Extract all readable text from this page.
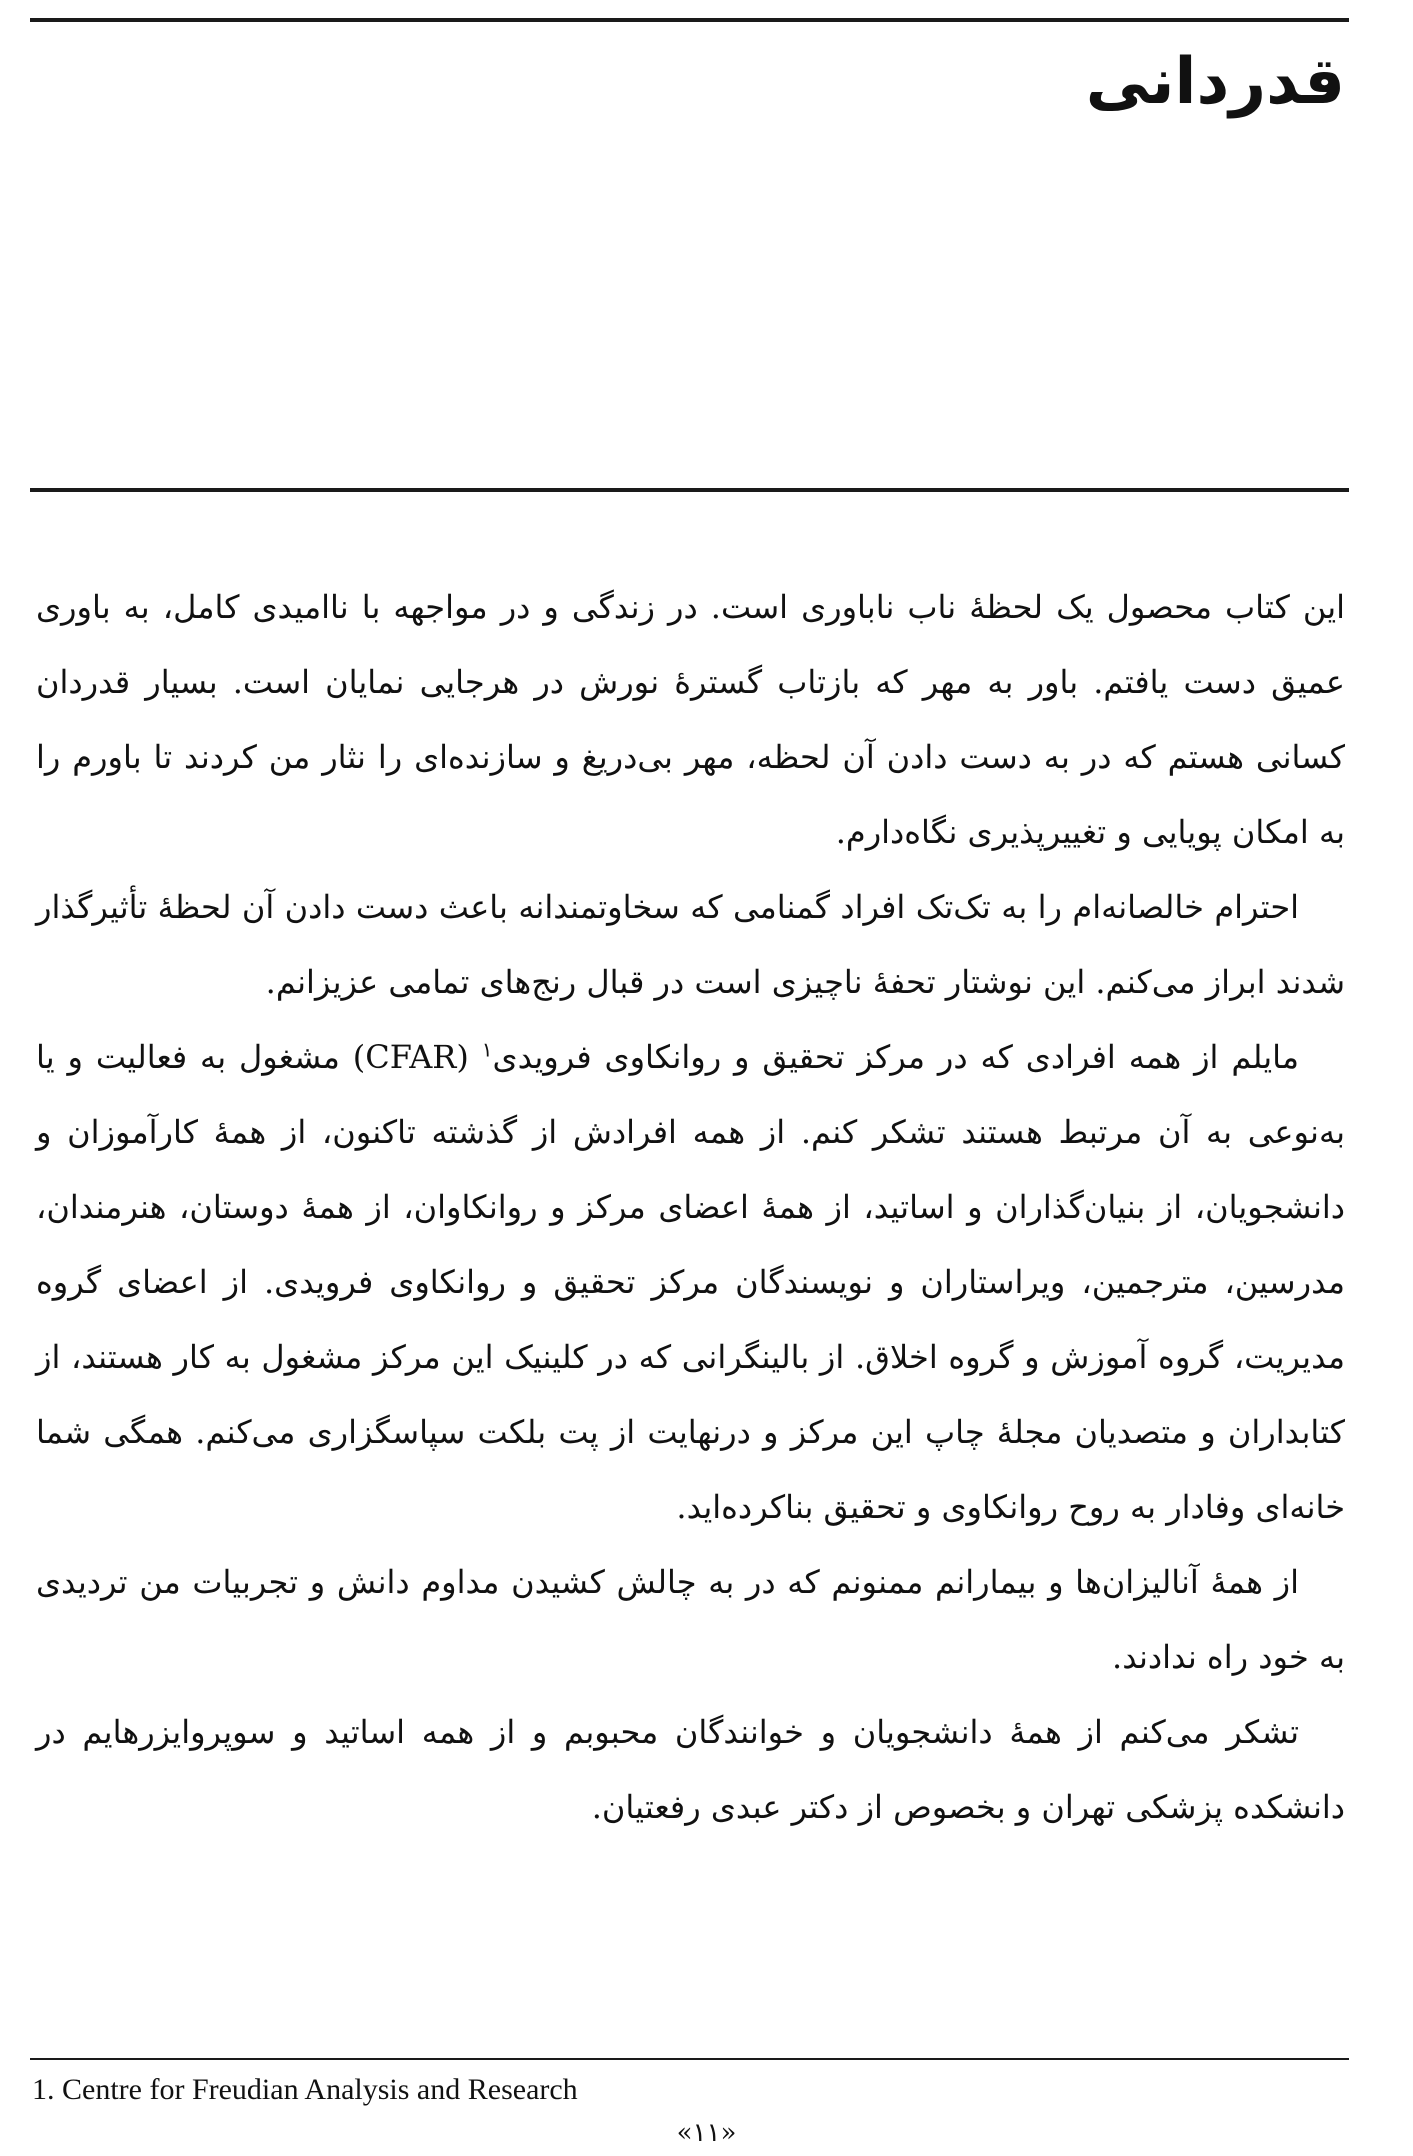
قدردانی

این کتاب محصول یک لحظهٔ ناب ناباوری است. در زندگی و در مواجهه با ناامیدی کامل، به باوری عمیق دست یافتم. باور به مهر که بازتاب گسترهٔ نورش در هرجایی نمایان است. بسیار قدردان کسانی هستم که در به دست دادن آن لحظه، مهر بی‌دریغ و سازنده‌ای را نثار من کردند تا باورم را به امکان پویایی و تغییرپذیری نگاه‌دارم.

احترام خالصانه‌ام را به تک‌تک افراد گمنامی که سخاوتمندانه باعث دست دادن آن لحظهٔ تأثیرگذار شدند ابراز می‌کنم. این نوشتار تحفهٔ ناچیزی است در قبال رنج‌های تمامی عزیزانم.

مایلم از همه افرادی که در مرکز تحقیق و روانکاوی فرویدی$^۱$ (CFAR) مشغول به فعالیت و یا به‌نوعی به آن مرتبط هستند تشکر کنم. از همه افرادش از گذشته تاکنون، از همهٔ کارآموزان و دانشجویان، از بنیان‌گذاران و اساتید، از همهٔ اعضای مرکز و روانکاوان، از همهٔ دوستان، هنرمندان، مدرسین، مترجمین، ویراستاران و نویسندگان مرکز تحقیق و روانکاوی فرویدی. از اعضای گروه مدیریت، گروه آموزش و گروه اخلاق. از بالینگرانی که در کلینیک این مرکز مشغول به کار هستند، از کتابداران و متصدیان مجلهٔ چاپ این مرکز و درنهایت از پت بلکت سپاسگزاری می‌کنم. همگی شما خانه‌ای وفادار به روح روانکاوی و تحقیق بناکرده‌اید.

از همهٔ آنالیزان‌ها و بیمارانم ممنونم که در به چالش کشیدن مداوم دانش و تجربیات من تردیدی به خود راه ندادند.

تشکر می‌کنم از همهٔ دانشجویان و خوانندگان محبوبم و از همه اساتید و سوپروایزرهایم در دانشکده پزشکی تهران و بخصوص از دکتر عبدی رفعتیان.

1. Centre for Freudian Analysis and Research

«۱۱»
